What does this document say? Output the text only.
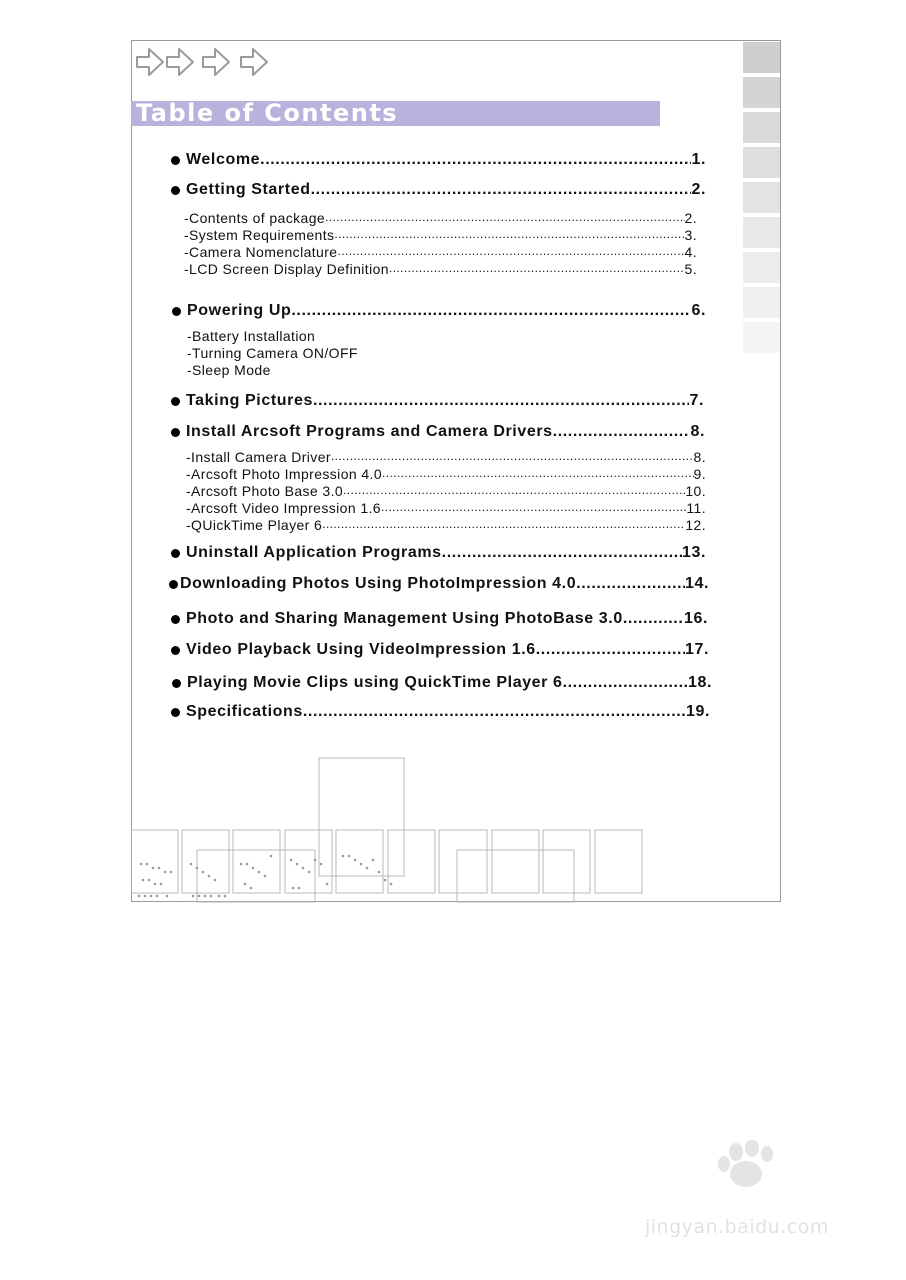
Table of Contents
Welcome .....	1.
Getting Started .....	2.
-Contents of package .....	2.
-System Requirements .....	3.
-Camera Nomenclature .....	4.
-LCD Screen Display Definition .....	5.
Powering Up .....	6.
-Battery Installation
-Turning Camera ON/OFF
-Sleep Mode
Taking Pictures .....	7.
Install Arcsoft Programs and Camera Drivers .....	8.
-Install Camera Driver .....	8.
-Arcsoft Photo Impression 4.0 .....	9.
-Arcsoft Photo Base 3.0 .....	10.
-Arcsoft Video Impression 1.6 .....	11.
-QUickTime Player 6 .....	12.
Uninstall Application Programs .....	13.
Downloading Photos Using PhotoImpression 4.0 .....	14.
Photo and Sharing Management Using PhotoBase 3.0 .....	16.
Video Playback Using VideoImpression 1.6 .....	17.
Playing Movie Clips using QuickTime Player 6 .....	18.
Specifications .....	19.
jingyan.baidu.com
